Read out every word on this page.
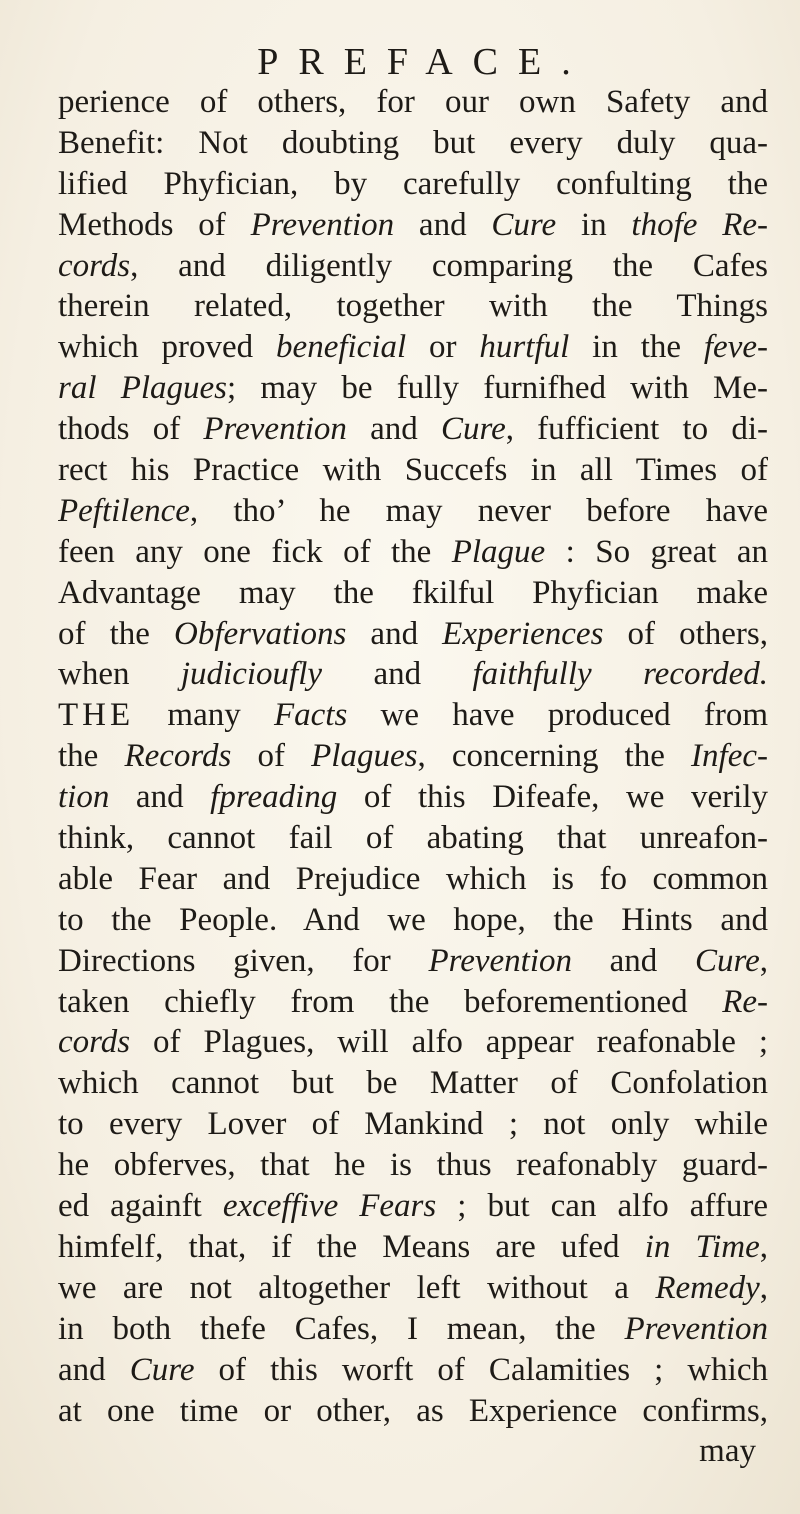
PREFACE.
perience of others, for our own Safety and
Benefit: Not doubting but every duly qua-
lified Phyfician, by carefully confulting the
Methods of Prevention and Cure in thofe Re-
cords, and diligently comparing the Cafes
therein related, together with the Things
which proved beneficial or hurtful in the feve-
ral Plagues; may be fully furnifhed with Me-
thods of Prevention and Cure, fufficient to di-
rect his Practice with Succefs in all Times of
Peftilence, tho’ he may never before have
feen any one fick of the Plague : So great an
Advantage may the fkilful Phyfician make
of the Obfervations and Experiences of others,
when judicioufly and faithfully recorded.
THE many Facts we have produced from
the Records of Plagues, concerning the Infec-
tion and fpreading of this Difeafe, we verily
think, cannot fail of abating that unreafon-
able Fear and Prejudice which is fo common
to the People. And we hope, the Hints and
Directions given, for Prevention and Cure,
taken chiefly from the beforementioned Re-
cords of Plagues, will alfo appear reafonable ;
which cannot but be Matter of Confolation
to every Lover of Mankind ; not only while
he obferves, that he is thus reafonably guard-
ed againft exceffive Fears ; but can alfo affure
himfelf, that, if the Means are ufed in Time,
we are not altogether left without a Remedy,
in both thefe Cafes, I mean, the Prevention
and Cure of this worft of Calamities ; which
at one time or other, as Experience confirms,
may
